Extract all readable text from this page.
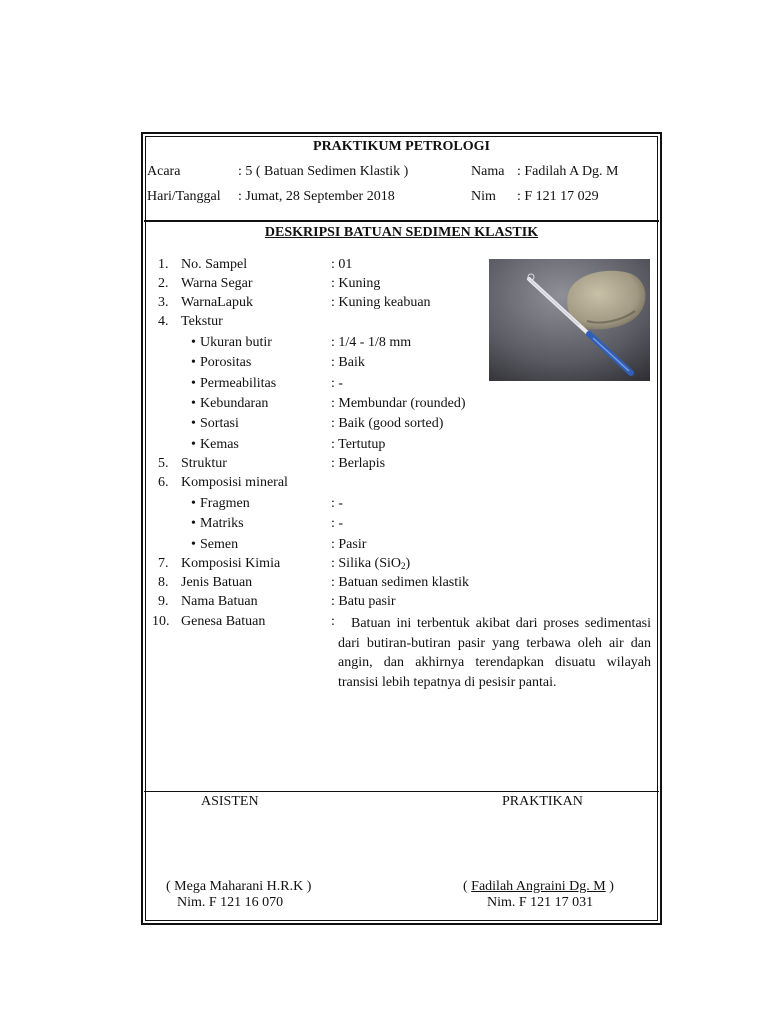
PRAKTIKUM PETROLOGI
Acara	: 5 ( Batuan Sedimen Klastik )	Nama : Fadilah A Dg. M
Hari/Tanggal : Jumat, 28 September 2018	Nim : F 121 17 029
DESKRIPSI BATUAN SEDIMEN KLASTIK
1. No. Sampel	: 01
2. Warna Segar	: Kuning
3. WarnaLapuk	: Kuning keabuan
4. Tekstur
• Ukuran butir	: 1/4 - 1/8 mm
• Porositas	: Baik
• Permeabilitas	: -
• Kebundaran	: Membundar (rounded)
• Sortasi	: Baik (good sorted)
• Kemas	: Tertutup
5. Struktur	: Berlapis
6. Komposisi mineral
• Fragmen	: -
• Matriks	: -
• Semen	: Pasir
7. Komposisi Kimia	: Silika (SiO$_2$)
8. Jenis Batuan	: Batuan sedimen klastik
9. Nama Batuan	: Batu pasir
10. Genesa Batuan	:	Batuan ini terbentuk akibat dari proses sedimentasi dari butiran-butiran pasir yang terbawa oleh air dan angin, dan akhirnya terendapkan disuatu wilayah transisi lebih tepatnya di pesisir pantai.
ASISTEN	PRAKTIKAN
( Mega Maharani H.R.K )
Nim. F 121 16 070
( Fadilah Angraini Dg. M )
Nim. F 121 17 031
